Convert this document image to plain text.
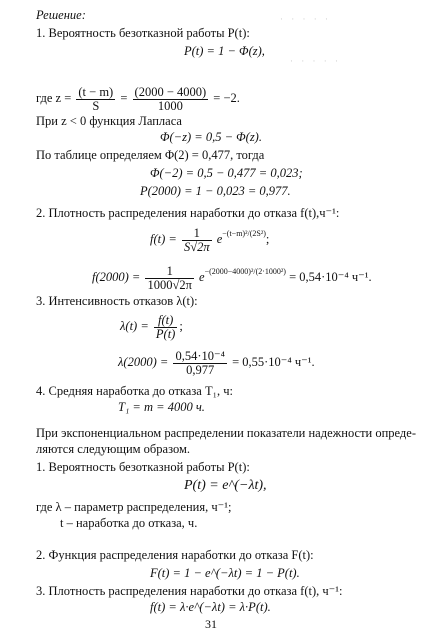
Решение:
1. Вероятность безотказной работы P(t):
P(t) = 1 − Φ(z),
где $z = \frac{(t - m)}{S} = \frac{(2000 - 4000)}{1000} = -2$.
При z < 0 функция Лапласа
Φ(−z) = 0,5 − Φ(z).
По таблице определяем Φ(2) = 0,477, тогда
Φ(−2) = 0,5 − 0,477 = 0,023;
P(2000) = 1 − 0,023 = 0,977.
2. Плотность распределения наработки до отказа f(t),ч⁻¹:
$f(t) = \frac{1}{S√2\pi} e^{-(t-m)^2/(2S^2)}$;
$f(2000) = \frac{1}{1000√2\pi} e^{-(2000-4000)^2/(2\cdot 1000^2)} = 0,54\cdot 10^{-4}$ ч⁻¹.
3. Интенсивность отказов λ(t):
$\lambda(t) = \frac{f(t)}{P(t)}$ ;
$\lambda(2000) = \frac{\text{0,54·10⁻⁴}}{0,977} = 0,55\cdot 10^{-4}$ ч⁻¹.
4. Средняя наработка до отказа T₁, ч:
T₁ = m = 4000 ч.
При экспоненциальном распределении показатели надежности опреде-
ляются следующим образом.
1. Вероятность безотказной работы P(t):
P(t) = e^(−λt),
где λ – параметр распределения, ч⁻¹;
t – наработка до отказа, ч.
2. Функция распределения наработки до отказа F(t):
F(t) = 1 − e^(−λt) = 1 − P(t).
3. Плотность распределения наработки до отказа f(t), ч⁻¹:
f(t) = λ·e^(−λt) = λ·P(t).
31
· · · · ·
· · · · ·
